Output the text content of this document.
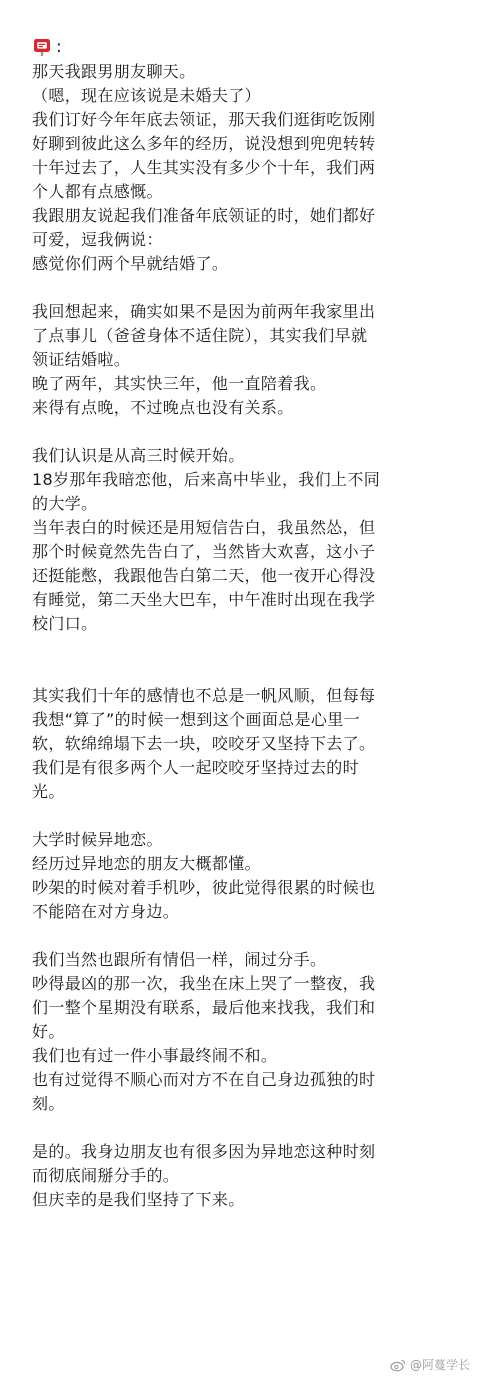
:
那天我跟男朋友聊天。
（嗯，现在应该说是未婚夫了）
我们订好今年年底去领证，那天我们逛街吃饭刚
好聊到彼此这么多年的经历，说没想到兜兜转转
十年过去了，人生其实没有多少个十年，我们两
个人都有点感慨。
我跟朋友说起我们准备年底领证的时，她们都好
可爱，逗我俩说：
感觉你们两个早就结婚了。
我回想起来，确实如果不是因为前两年我家里出
了点事儿（爸爸身体不适住院），其实我们早就
领证结婚啦。
晚了两年，其实快三年，他一直陪着我。
来得有点晚，不过晚点也没有关系。
我们认识是从高三时候开始。
18岁那年我暗恋他，后来高中毕业，我们上不同
的大学。
当年表白的时候还是用短信告白，我虽然怂，但
那个时候竟然先告白了，当然皆大欢喜，这小子
还挺能憋，我跟他告白第二天，他一夜开心得没
有睡觉，第二天坐大巴车，中午准时出现在我学
校门口。
其实我们十年的感情也不总是一帆风顺，但每每
我想“算了”的时候一想到这个画面总是心里一
软，软绵绵塌下去一块，咬咬牙又坚持下去了。
我们是有很多两个人一起咬咬牙坚持过去的时
光。
大学时候异地恋。
经历过异地恋的朋友大概都懂。
吵架的时候对着手机吵，彼此觉得很累的时候也
不能陪在对方身边。
我们当然也跟所有情侣一样，闹过分手。
吵得最凶的那一次，我坐在床上哭了一整夜，我
们一整个星期没有联系，最后他来找我，我们和
好。
我们也有过一件小事最终闹不和。
也有过觉得不顺心而对方不在自己身边孤独的时
刻。
是的。我身边朋友也有很多因为异地恋这种时刻
而彻底闹掰分手的。
但庆幸的是我们坚持了下来。
@阿蔓学长
